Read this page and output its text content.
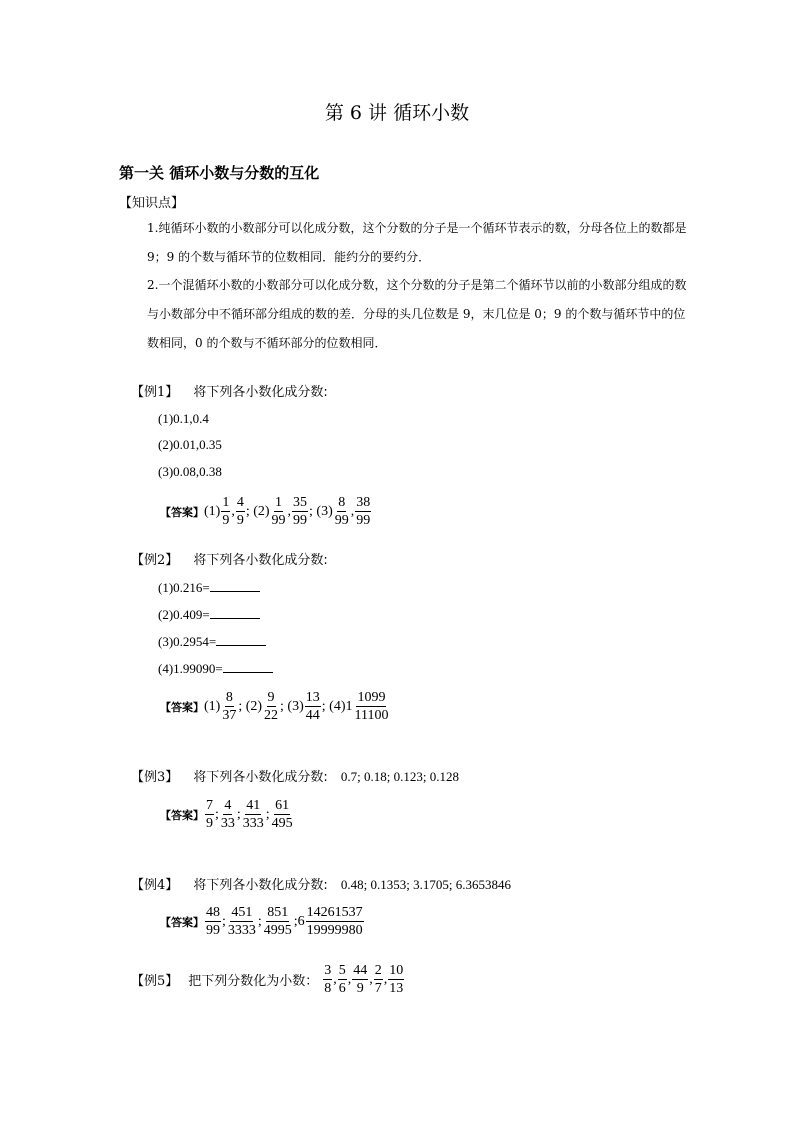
第 6 讲 循环小数
第一关 循环小数与分数的互化
【知识点】
1.纯循环小数的小数部分可以化成分数，这个分数的分子是一个循环节表示的数，分母各位上的数都是 9；9 的个数与循环节的位数相同．能约分的要约分．
2.一个混循环小数的小数部分可以化成分数，这个分数的分子是第二个循环节以前的小数部分组成的数与小数部分中不循环部分组成的数的差．分母的头几位数是 9，末几位是 0；9 的个数与循环节中的位数相同，0 的个数与不循环部分的位数相同．
【例1】 将下列各小数化成分数:
(1)0.1,0.4
(2)0.01,0.35
(3)0.08,0.38
【答案】 $(1) \frac{1}{9}$ , $\frac{4}{9}$ ; $(2) \frac{1}{99}$ , $\frac{35}{99}$ ; $(3) \frac{8}{99}$ , $\frac{38}{99}$
【例2】 将下列各小数化成分数:
(1)0.216=
(2)0.409=
(3)0.2954=
(4)1.99090=
【答案】 $(1) \frac{8}{37}$ ; $(2) \frac{9}{22}$ ; $(3) \frac{13}{44}$ ; $(4)1 \frac{1099}{11100}$
【例3】 将下列各小数化成分数: 0.7; 0.18; 0.123; 0.128
【答案】 $\frac{7}{9}$ ; $\frac{4}{33}$ ; $\frac{41}{333}$ ; $\frac{61}{495}$
【例4】 将下列各小数化成分数: 0.48; 0.1353; 3.1705; 6.3653846
【答案】 $\frac{48}{99}$ ; $\frac{451}{3333}$ ; $\frac{851}{4995}$ ; $6 \frac{14261537}{19999980}$
【例5】 把下列分数化为小数： $\frac{3}{8}$ , $\frac{5}{6}$ , $\frac{44}{9}$ , $\frac{2}{7}$ , $\frac{10}{13}$
